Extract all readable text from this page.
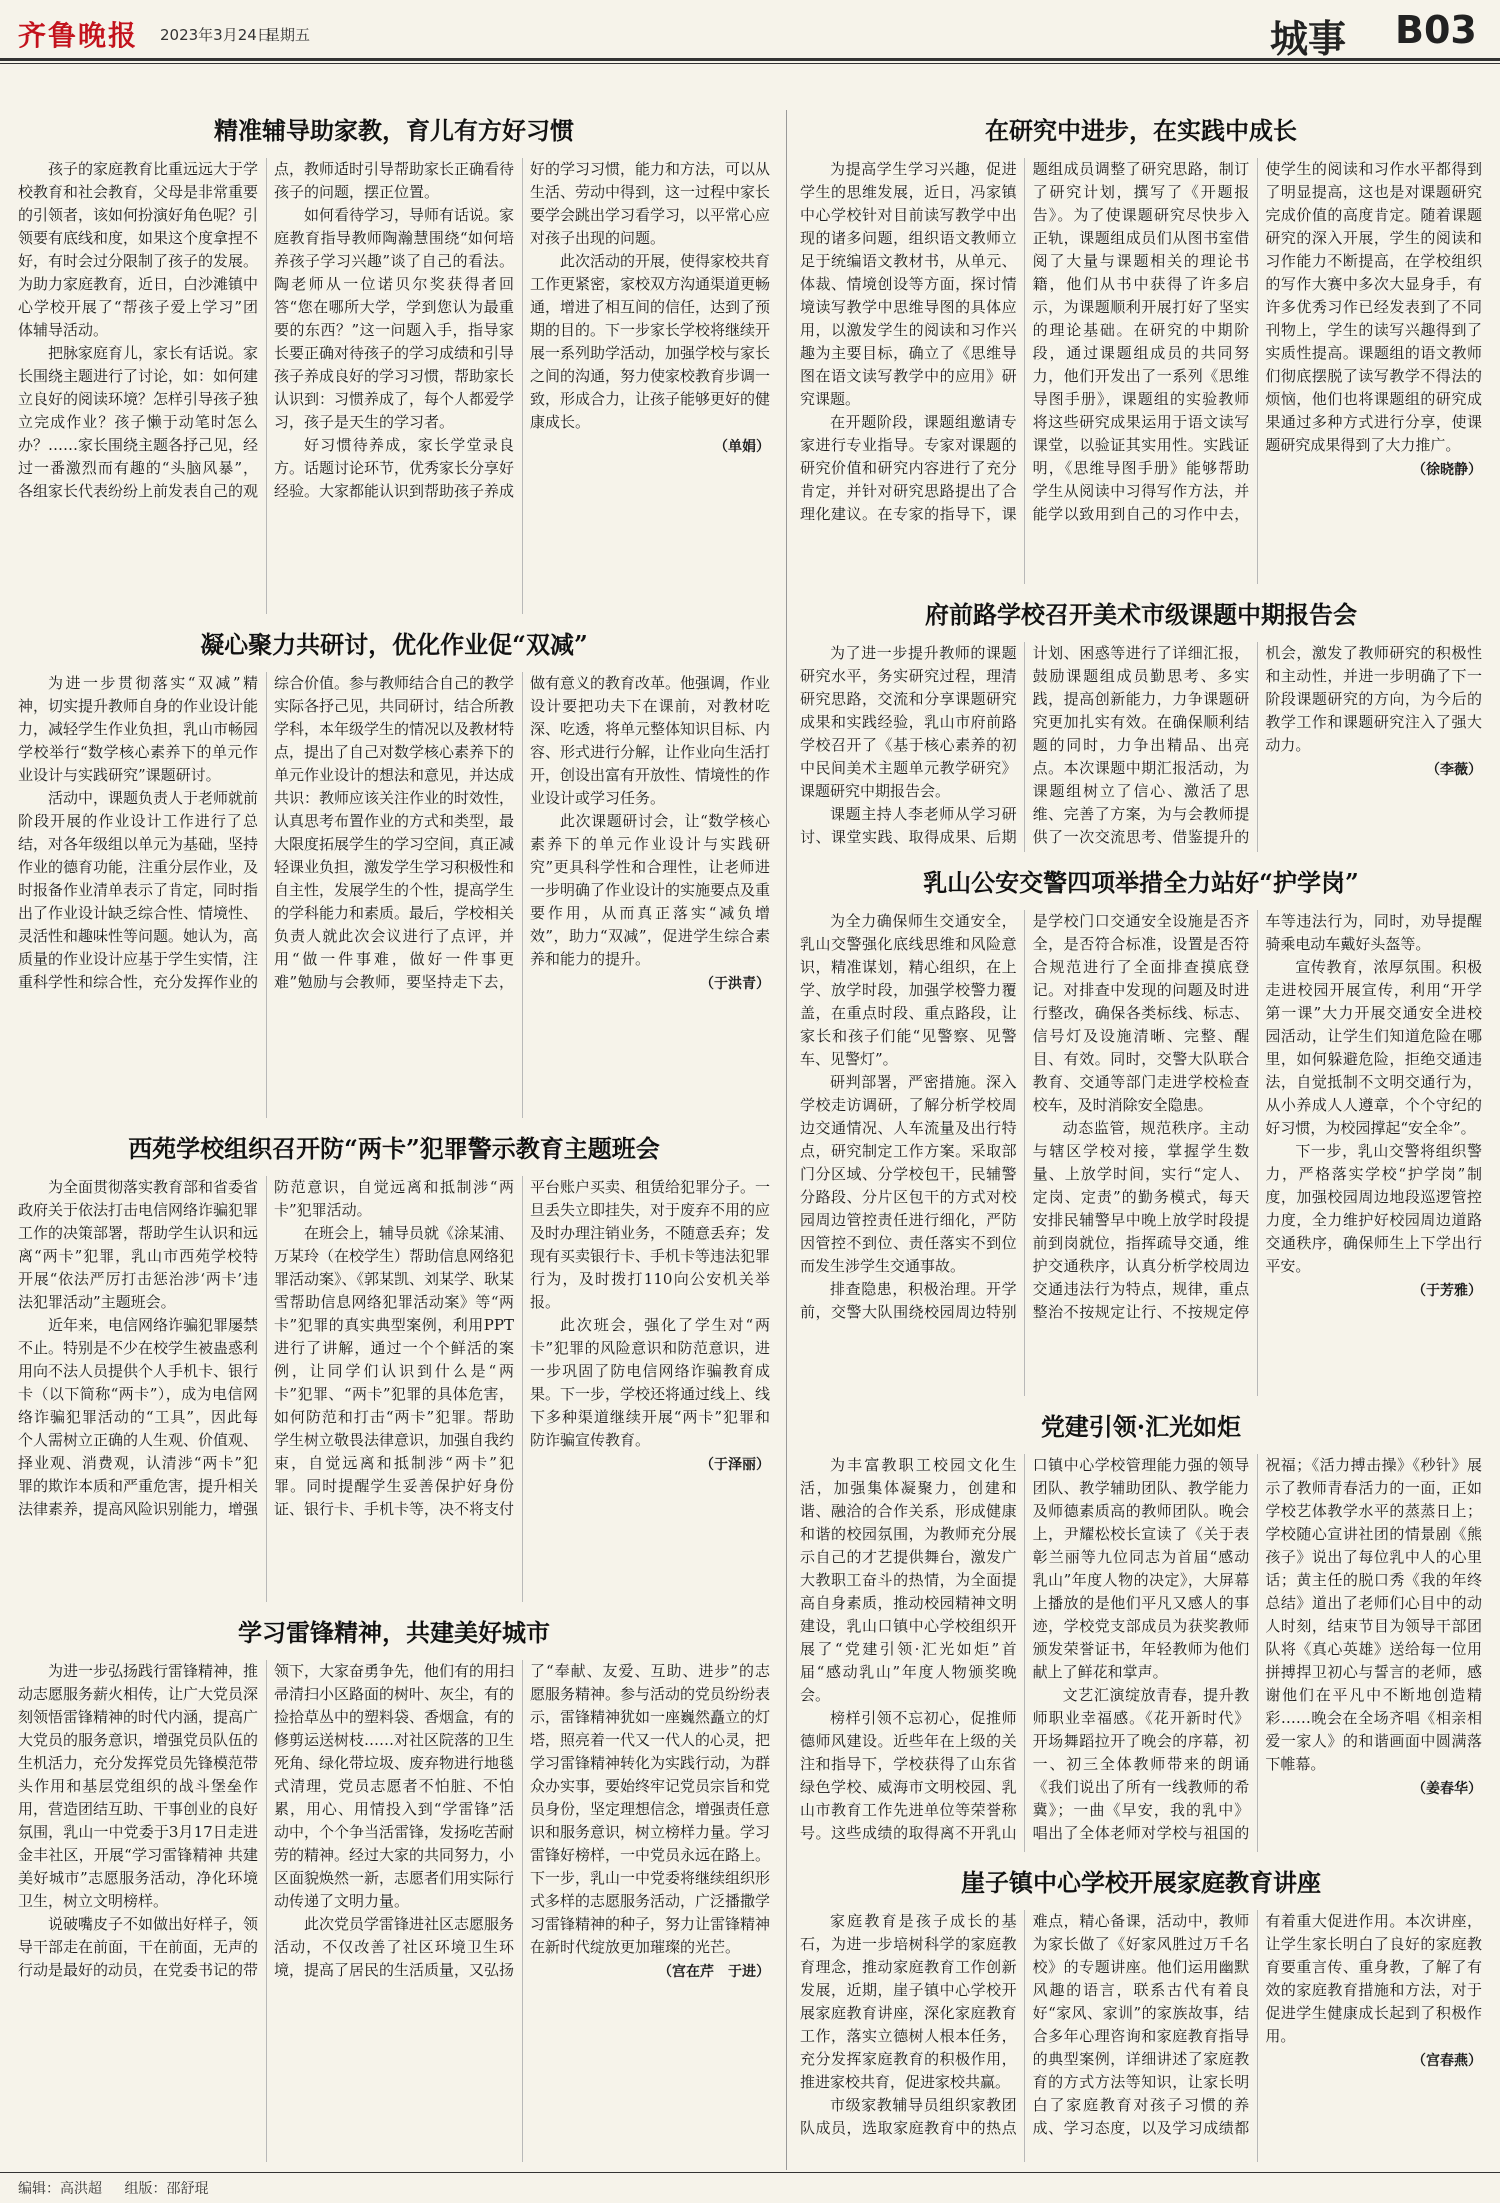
齐鲁晚报 2023年3月24日
星期五	城事 B03
精准辅导助家教，育儿有方好习惯

孩子的家庭教育比重远远大于学校教育和社会教育，父母是非常重要的引领者，该如何扮演好角色呢？引领要有底线和度，如果这个度拿捏不好，有时会过分限制了孩子的发展。为助力家庭教育，近日，白沙滩镇中心学校开展了“帮孩子爱上学习”团体辅导活动。

把脉家庭育儿，家长有话说。家长围绕主题进行了讨论，如：如何建立良好的阅读环境？怎样引导孩子独立完成作业？孩子懒于动笔时怎么办？……家长围绕主题各抒己见，经过一番激烈而有趣的“头脑风暴”，各组家长代表纷纷上前发表自己的观点，教师适时引导帮助家长正确看待孩子的问题，摆正位置。

如何看待学习，导师有话说。家庭教育指导教师陶瀚慧围绕“如何培养孩子学习兴趣”谈了自己的看法。陶老师从一位诺贝尔奖获得者回答“您在哪所大学，学到您认为最重要的东西？”这一问题入手，指导家长要正确对待孩子的学习成绩和引导孩子养成良好的学习习惯，帮助家长认识到：习惯养成了，每个人都爱学习，孩子是天生的学习者。

好习惯待养成，家长学堂录良方。话题讨论环节，优秀家长分享好经验。大家都能认识到帮助孩子养成好的学习习惯，能力和方法，可以从生活、劳动中得到，这一过程中家长要学会跳出学习看学习，以平常心应对孩子出现的问题。

此次活动的开展，使得家校共育工作更紧密，家校双方沟通渠道更畅通，增进了相互间的信任，达到了预期的目的。下一步家长学校将继续开展一系列助学活动，加强学校与家长之间的沟通，努力使家校教育步调一致，形成合力，让孩子能够更好的健康成长。

（单娟）
凝心聚力共研讨，优化作业促“双减”

为进一步贯彻落实“双减”精神，切实提升教师自身的作业设计能力，减轻学生作业负担，乳山市畅园学校举行“数学核心素养下的单元作业设计与实践研究”课题研讨。

活动中，课题负责人于老师就前阶段开展的作业设计工作进行了总结，对各年级组以单元为基础，坚持作业的德育功能，注重分层作业，及时报备作业清单表示了肯定，同时指出了作业设计缺乏综合性、情境性、灵活性和趣味性等问题。她认为，高质量的作业设计应基于学生实情，注重科学性和综合性，充分发挥作业的综合价值。参与教师结合自己的教学实际各抒己见，共同研讨，结合所教学科，本年级学生的情况以及教材特点，提出了自己对数学核心素养下的单元作业设计的想法和意见，并达成共识：教师应该关注作业的时效性，认真思考布置作业的方式和类型，最大限度拓展学生的学习空间，真正减轻课业负担，激发学生学习积极性和自主性，发展学生的个性，提高学生的学科能力和素质。最后，学校相关负责人就此次会议进行了点评，并用“做一件事难，做好一件事更难”勉励与会教师，要坚持走下去，做有意义的教育改革。他强调，作业设计要把功夫下在课前，对教材吃深、吃透，将单元整体知识目标、内容、形式进行分解，让作业向生活打开，创设出富有开放性、情境性的作业设计或学习任务。

此次课题研讨会，让“数学核心素养下的单元作业设计与实践研究”更具科学性和合理性，让老师进一步明确了作业设计的实施要点及重要作用，从而真正落实“减负增效”，助力“双减”，促进学生综合素养和能力的提升。

（于洪青）
西苑学校组织召开防“两卡”犯罪警示教育主题班会

为全面贯彻落实教育部和省委省政府关于依法打击电信网络诈骗犯罪工作的决策部署，帮助学生认识和远离“两卡”犯罪，乳山市西苑学校特开展“依法严厉打击惩治涉‘两卡’违法犯罪活动”主题班会。

近年来，电信网络诈骗犯罪屡禁不止。特别是不少在校学生被蛊惑利用向不法人员提供个人手机卡、银行卡（以下简称“两卡”），成为电信网络诈骗犯罪活动的“工具”，因此每个人需树立正确的人生观、价值观、择业观、消费观，认清涉“两卡”犯罪的欺诈本质和严重危害，提升相关法律素养，提高风险识别能力，增强防范意识，自觉远离和抵制涉“两卡”犯罪活动。

在班会上，辅导员就《涂某浦、万某玲（在校学生）帮助信息网络犯罪活动案》、《郭某凯、刘某学、耿某雪帮助信息网络犯罪活动案》等“两卡”犯罪的真实典型案例，利用PPT进行了讲解，通过一个个鲜活的案例，让同学们认识到什么是“两卡”犯罪、“两卡”犯罪的具体危害，如何防范和打击“两卡”犯罪。帮助学生树立敬畏法律意识，加强自我约束，自觉远离和抵制涉“两卡”犯罪。同时提醒学生妥善保护好身份证、银行卡、手机卡等，决不将支付平台账户买卖、租赁给犯罪分子。一旦丢失立即挂失，对于废弃不用的应及时办理注销业务，不随意丢弃；发现有买卖银行卡、手机卡等违法犯罪行为，及时拨打110向公安机关举报。

此次班会，强化了学生对“两卡”犯罪的风险意识和防范意识，进一步巩固了防电信网络诈骗教育成果。下一步，学校还将通过线上、线下多种渠道继续开展“两卡”犯罪和防诈骗宣传教育。

（于泽丽）
学习雷锋精神，共建美好城市

为进一步弘扬践行雷锋精神，推动志愿服务薪火相传，让广大党员深刻领悟雷锋精神的时代内涵，提高广大党员的服务意识，增强党员队伍的生机活力，充分发挥党员先锋模范带头作用和基层党组织的战斗堡垒作用，营造团结互助、干事创业的良好氛围，乳山一中党委于3月17日走进金丰社区，开展“学习雷锋精神 共建美好城市”志愿服务活动，净化环境卫生，树立文明榜样。

说破嘴皮子不如做出好样子，领导干部走在前面，干在前面，无声的行动是最好的动员，在党委书记的带领下，大家奋勇争先，他们有的用扫帚清扫小区路面的树叶、灰尘，有的捡拾草丛中的塑料袋、香烟盒，有的修剪运送树枝……对社区院落的卫生死角、绿化带垃圾、废弃物进行地毯式清理，党员志愿者不怕脏、不怕累，用心、用情投入到“学雷锋”活动中，个个争当活雷锋，发扬吃苦耐劳的精神。经过大家的共同努力，小区面貌焕然一新，志愿者们用实际行动传递了文明力量。

此次党员学雷锋进社区志愿服务活动，不仅改善了社区环境卫生环境，提高了居民的生活质量，又弘扬了“奉献、友爱、互助、进步”的志愿服务精神。参与活动的党员纷纷表示，雷锋精神犹如一座巍然矗立的灯塔，照亮着一代又一代人的心灵，把学习雷锋精神转化为实践行动，为群众办实事，要始终牢记党员宗旨和党员身份，坚定理想信念，增强责任意识和服务意识，树立榜样力量。学习雷锋好榜样，一中党员永远在路上。下一步，乳山一中党委将继续组织形式多样的志愿服务活动，广泛播撒学习雷锋精神的种子，努力让雷锋精神在新时代绽放更加璀璨的光芒。

（宫在芹　于进）
在研究中进步，在实践中成长

为提高学生学习兴趣，促进学生的思维发展，近日，冯家镇中心学校针对目前读写教学中出现的诸多问题，组织语文教师立足于统编语文教材书，从单元、体裁、情境创设等方面，探讨情境读写教学中思维导图的具体应用，以激发学生的阅读和习作兴趣为主要目标，确立了《思维导图在语文读写教学中的应用》研究课题。

在开题阶段，课题组邀请专家进行专业指导。专家对课题的研究价值和研究内容进行了充分肯定，并针对研究思路提出了合理化建议。在专家的指导下，课题组成员调整了研究思路，制订了研究计划，撰写了《开题报告》。为了使课题研究尽快步入正轨，课题组成员们从图书室借阅了大量与课题相关的理论书籍，他们从书中获得了许多启示，为课题顺利开展打好了坚实的理论基础。在研究的中期阶段，通过课题组成员的共同努力，他们开发出了一系列《思维导图手册》，课题组的实验教师将这些研究成果运用于语文读写课堂，以验证其实用性。实践证明，《思维导图手册》能够帮助学生从阅读中习得写作方法，并能学以致用到自己的习作中去，使学生的阅读和习作水平都得到了明显提高，这也是对课题研究完成价值的高度肯定。随着课题研究的深入开展，学生的阅读和习作能力不断提高，在学校组织的写作大赛中多次大显身手，有许多优秀习作已经发表到了不同刊物上，学生的读写兴趣得到了实质性提高。课题组的语文教师们彻底摆脱了读写教学不得法的烦恼，他们也将课题组的研究成果通过多种方式进行分享，使课题研究成果得到了大力推广。

（徐晓静）
府前路学校召开美术市级课题中期报告会

为了进一步提升教师的课题研究水平，务实研究过程，理清研究思路，交流和分享课题研究成果和实践经验，乳山市府前路学校召开了《基于核心素养的初中民间美术主题单元教学研究》课题研究中期报告会。

课题主持人李老师从学习研讨、课堂实践、取得成果、后期计划、困惑等进行了详细汇报，鼓励课题组成员勤思考、多实践，提高创新能力，力争课题研究更加扎实有效。在确保顺利结题的同时，力争出精品、出亮点。本次课题中期汇报活动，为课题组树立了信心、激活了思维、完善了方案，为与会教师提供了一次交流思考、借鉴提升的机会，激发了教师研究的积极性和主动性，并进一步明确了下一阶段课题研究的方向，为今后的教学工作和课题研究注入了强大动力。

（李薇）
乳山公安交警四项举措全力站好“护学岗”

为全力确保师生交通安全，乳山交警强化底线思维和风险意识，精准谋划，精心组织，在上学、放学时段，加强学校警力覆盖，在重点时段、重点路段，让家长和孩子们能“见警察、见警车、见警灯”。

研判部署，严密措施。深入学校走访调研，了解分析学校周边交通情况、人车流量及出行特点，研究制定工作方案。采取部门分区域、分学校包干，民辅警分路段、分片区包干的方式对校园周边管控责任进行细化，严防因管控不到位、责任落实不到位而发生涉学生交通事故。

排查隐患，积极治理。开学前，交警大队围绕校园周边特别是学校门口交通安全设施是否齐全，是否符合标准，设置是否符合规范进行了全面排查摸底登记。对排查中发现的问题及时进行整改，确保各类标线、标志、信号灯及设施清晰、完整、醒目、有效。同时，交警大队联合教育、交通等部门走进学校检查校车，及时消除安全隐患。

动态监管，规范秩序。主动与辖区学校对接，掌握学生数量、上放学时间，实行“定人、定岗、定责”的勤务模式，每天安排民辅警早中晚上放学时段提前到岗就位，指挥疏导交通，维护交通秩序，认真分析学校周边交通违法行为特点，规律，重点整治不按规定让行、不按规定停车等违法行为，同时，劝导提醒骑乘电动车戴好头盔等。

宣传教育，浓厚氛围。积极走进校园开展宣传，利用“开学第一课”大力开展交通安全进校园活动，让学生们知道危险在哪里，如何躲避危险，拒绝交通违法，自觉抵制不文明交通行为，从小养成人人遵章，个个守纪的好习惯，为校园撑起“安全伞”。

下一步，乳山交警将组织警力，严格落实学校“护学岗”制度，加强校园周边地段巡逻管控力度，全力维护好校园周边道路交通秩序，确保师生上下学出行平安。

（于芳雅）
党建引领·汇光如炬

为丰富教职工校园文化生活，加强集体凝聚力，创建和谐、融洽的合作关系，形成健康和谐的校园氛围，为教师充分展示自己的才艺提供舞台，激发广大教职工奋斗的热情，为全面提高自身素质，推动校园精神文明建设，乳山口镇中心学校组织开展了“党建引领·汇光如炬”首届“感动乳山”年度人物颁奖晚会。

榜样引领不忘初心，促推师德师风建设。近些年在上级的关注和指导下，学校获得了山东省绿色学校、威海市文明校园、乳山市教育工作先进单位等荣誉称号。这些成绩的取得离不开乳山口镇中心学校管理能力强的领导团队、教学辅助团队、教学能力及师德素质高的教师团队。晚会上，尹耀松校长宣读了《关于表彰兰丽等九位同志为首届“感动乳山”年度人物的决定》，大屏幕上播放的是他们平凡又感人的事迹，学校党支部成员为获奖教师颁发荣誉证书，年轻教师为他们献上了鲜花和掌声。

文艺汇演绽放青春，提升教师职业幸福感。《花开新时代》开场舞蹈拉开了晚会的序幕，初一、初三全体教师带来的朗诵《我们说出了所有一线教师的希冀》；一曲《早安，我的乳中》唱出了全体老师对学校与祖国的祝福；《活力搏击操》《秒针》展示了教师青春活力的一面，正如学校艺体教学水平的蒸蒸日上；学校随心宣讲社团的情景剧《熊孩子》说出了每位乳中人的心里话；黄主任的脱口秀《我的年终总结》道出了老师们心目中的动人时刻，结束节目为领导干部团队将《真心英雄》送给每一位用拼搏捍卫初心与誓言的老师，感谢他们在平凡中不断地创造精彩……晚会在全场齐唱《相亲相爱一家人》的和谐画面中圆满落下帷幕。

（姜春华）
崖子镇中心学校开展家庭教育讲座

家庭教育是孩子成长的基石，为进一步培树科学的家庭教育理念，推动家庭教育工作创新发展，近期，崖子镇中心学校开展家庭教育讲座，深化家庭教育工作，落实立德树人根本任务，充分发挥家庭教育的积极作用，推进家校共育，促进家校共赢。

市级家教辅导员组织家教团队成员，选取家庭教育中的热点难点，精心备课，活动中，教师为家长做了《好家风胜过万千名校》的专题讲座。他们运用幽默风趣的语言，联系古代有着良好“家风、家训”的家族故事，结合多年心理咨询和家庭教育指导的典型案例，详细讲述了家庭教育的方式方法等知识，让家长明白了家庭教育对孩子习惯的养成、学习态度，以及学习成绩都有着重大促进作用。本次讲座，让学生家长明白了良好的家庭教育要重言传、重身教，了解了有效的家庭教育措施和方法，对于促进学生健康成长起到了积极作用。

（宫春燕）
编辑：高洪超 组版：邵舒琨
